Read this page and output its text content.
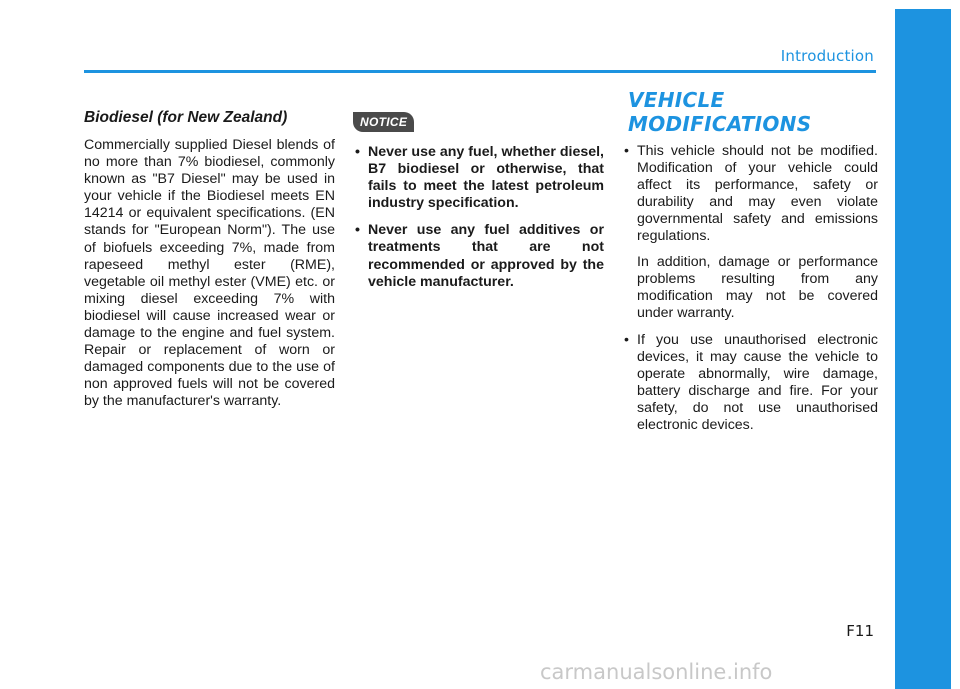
Introduction
Biodiesel (for New Zealand)

Commercially supplied Diesel blends of no more than 7% biodiesel, commonly known as "B7 Diesel" may be used in your vehicle if the Biodiesel meets EN 14214 or equivalent specifications. (EN stands for "European Norm"). The use of biofuels exceeding 7%, made from rapeseed methyl ester (RME), vegetable oil methyl ester (VME) etc. or mixing diesel exceeding 7% with biodiesel will cause increased wear or damage to the engine and fuel system. Repair or replacement of worn or damaged components due to the use of non approved fuels will not be covered by the manufacturer's warranty.

NOTICE
• Never use any fuel, whether diesel, B7 biodiesel or otherwise, that fails to meet the latest petroleum industry specification.
• Never use any fuel additives or treatments that are not recommended or approved by the vehicle manufacturer.
VEHICLE MODIFICATIONS
• This vehicle should not be modified. Modification of your vehicle could affect its performance, safety or durability and may even violate governmental safety and emissions regulations.

In addition, damage or performance problems resulting from any modification may not be covered under warranty.

• If you use unauthorised electronic devices, it may cause the vehicle to operate abnormally, wire damage, battery discharge and fire. For your safety, do not use unauthorised electronic devices.
F11
carmanualsonline.info
